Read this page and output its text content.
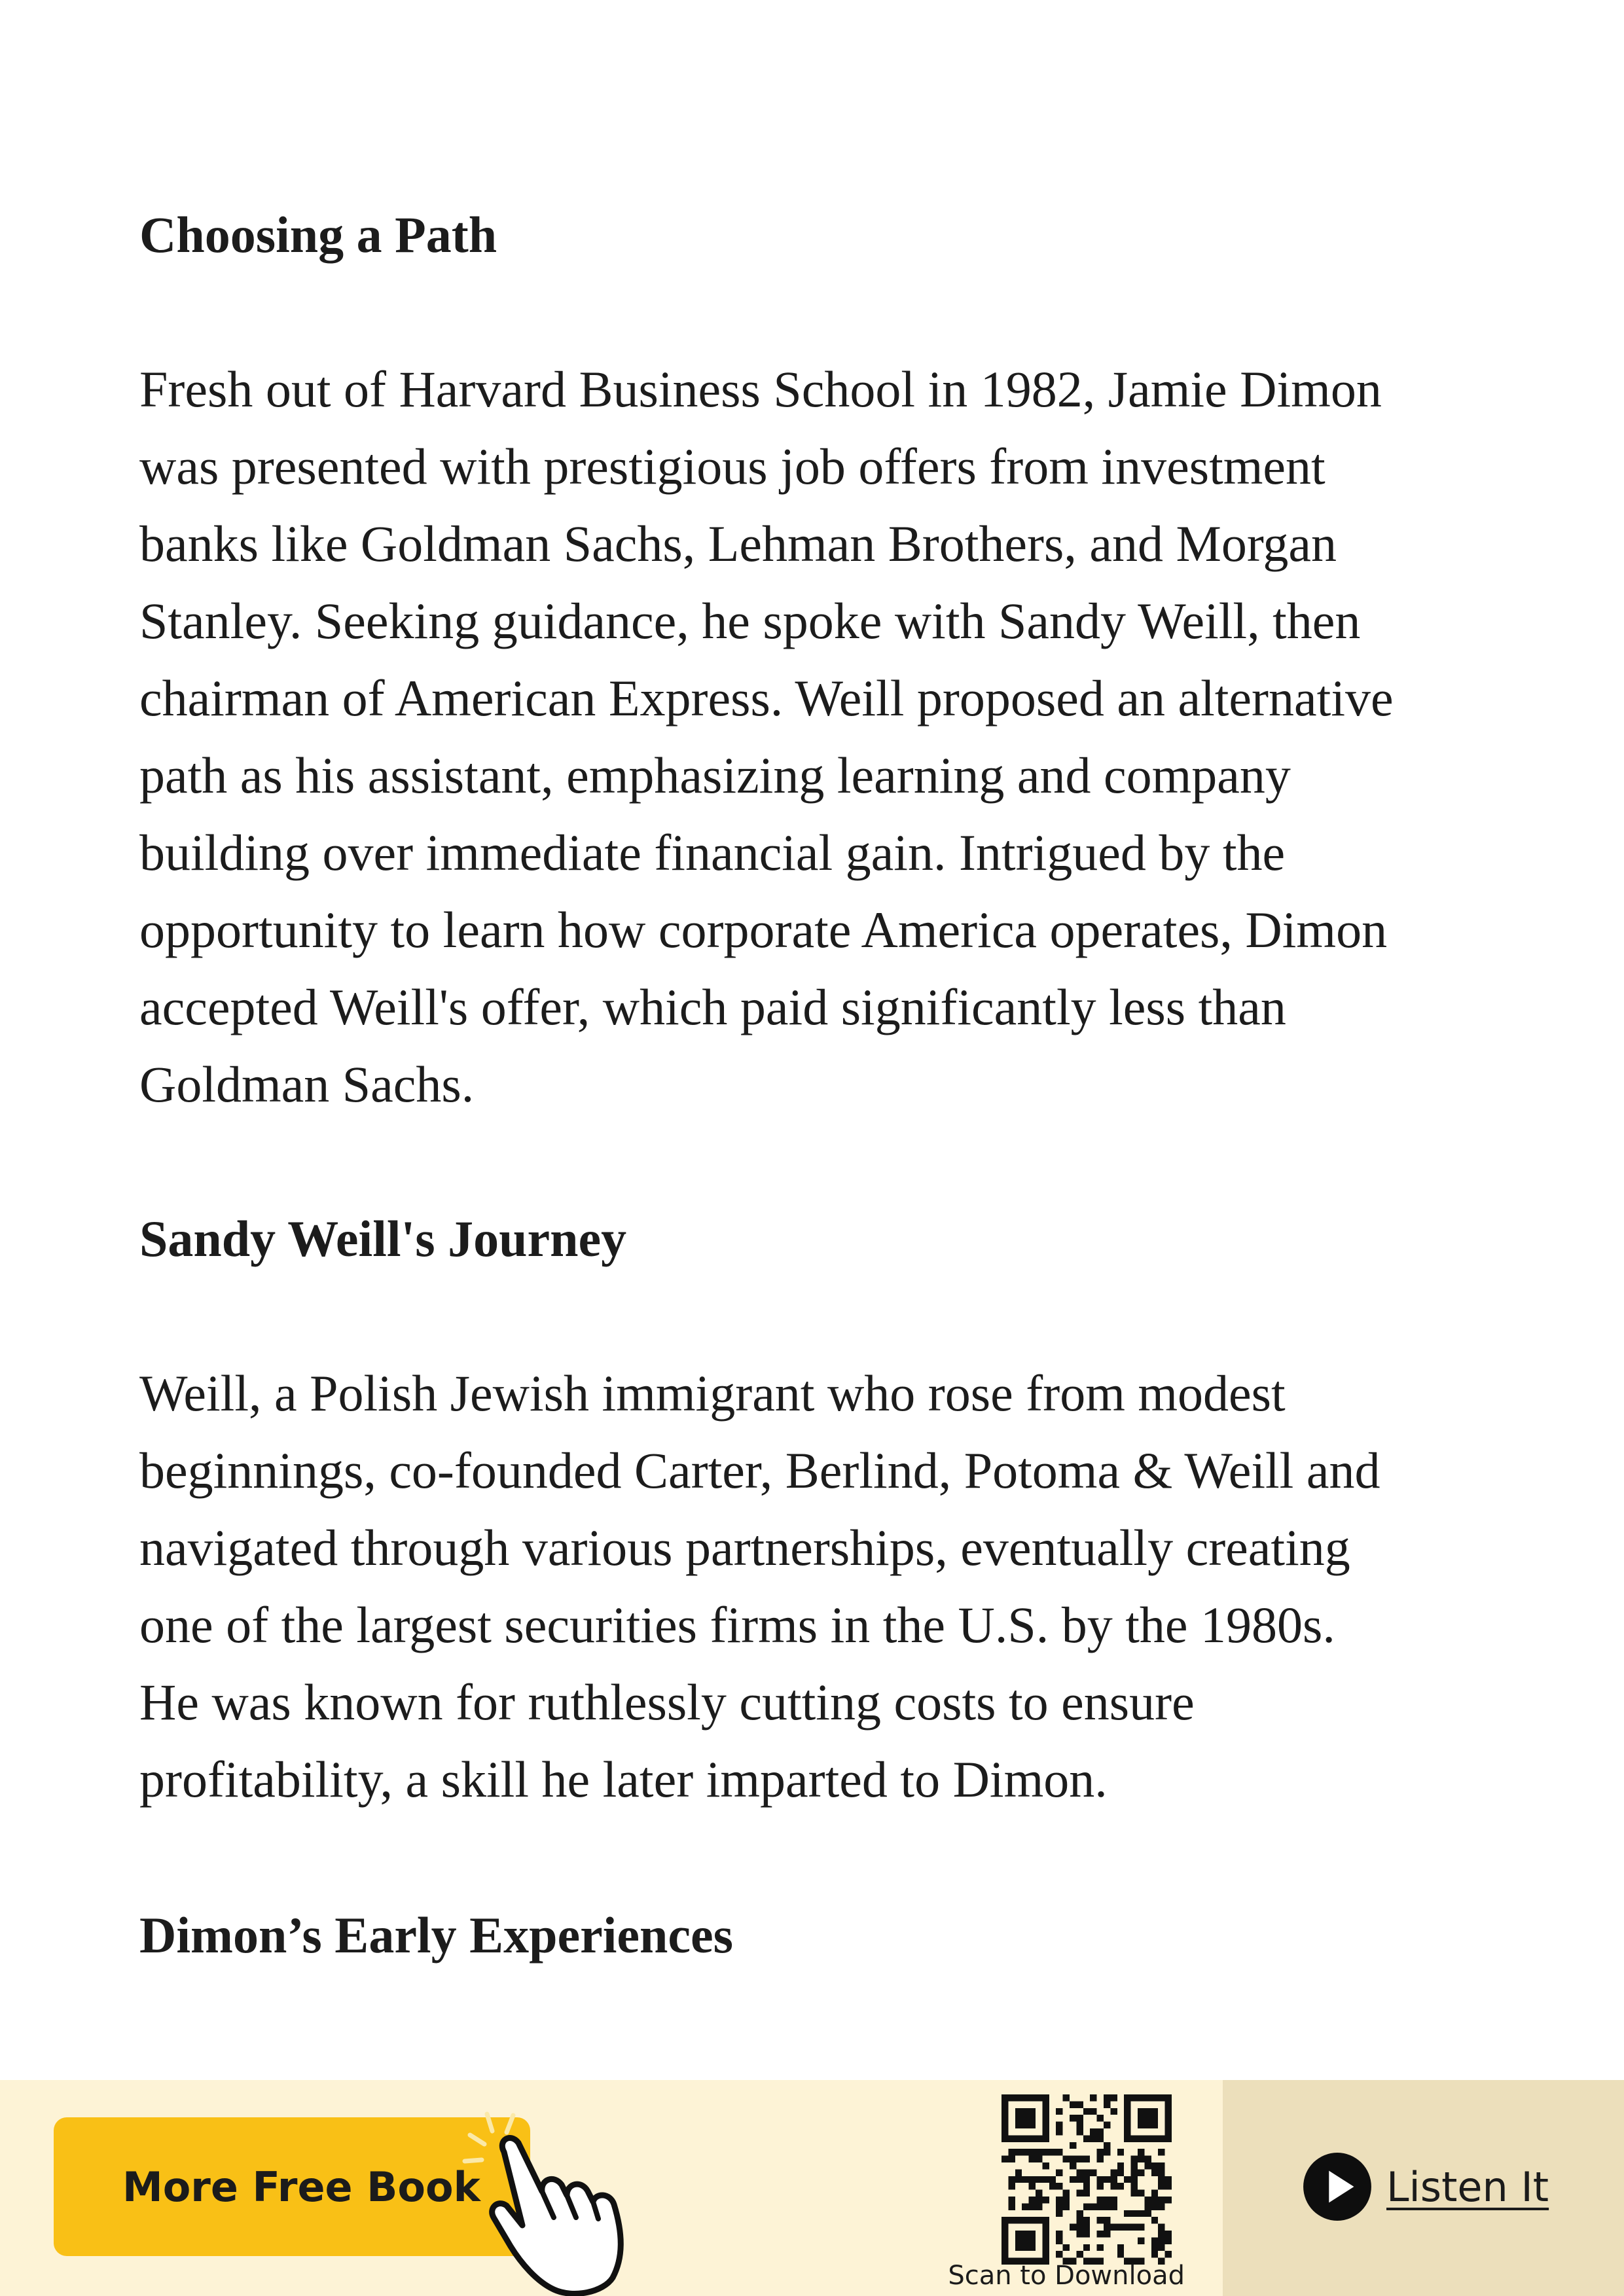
Choosing a Path
Fresh out of Harvard Business School in 1982, Jamie Dimon
was presented with prestigious job offers from investment
banks like Goldman Sachs, Lehman Brothers, and Morgan
Stanley. Seeking guidance, he spoke with Sandy Weill, then
chairman of American Express. Weill proposed an alternative
path as his assistant, emphasizing learning and company
building over immediate financial gain. Intrigued by the
opportunity to learn how corporate America operates, Dimon
accepted Weill's offer, which paid significantly less than
Goldman Sachs.
Sandy Weill's Journey
Weill, a Polish Jewish immigrant who rose from modest
beginnings, co-founded Carter, Berlind, Potoma & Weill and
navigated through various partnerships, eventually creating
one of the largest securities firms in the U.S. by the 1980s.
He was known for ruthlessly cutting costs to ensure
profitability, a skill he later imparted to Dimon.
Dimon’s Early Experiences
More Free Book
Scan to Download
Listen It
